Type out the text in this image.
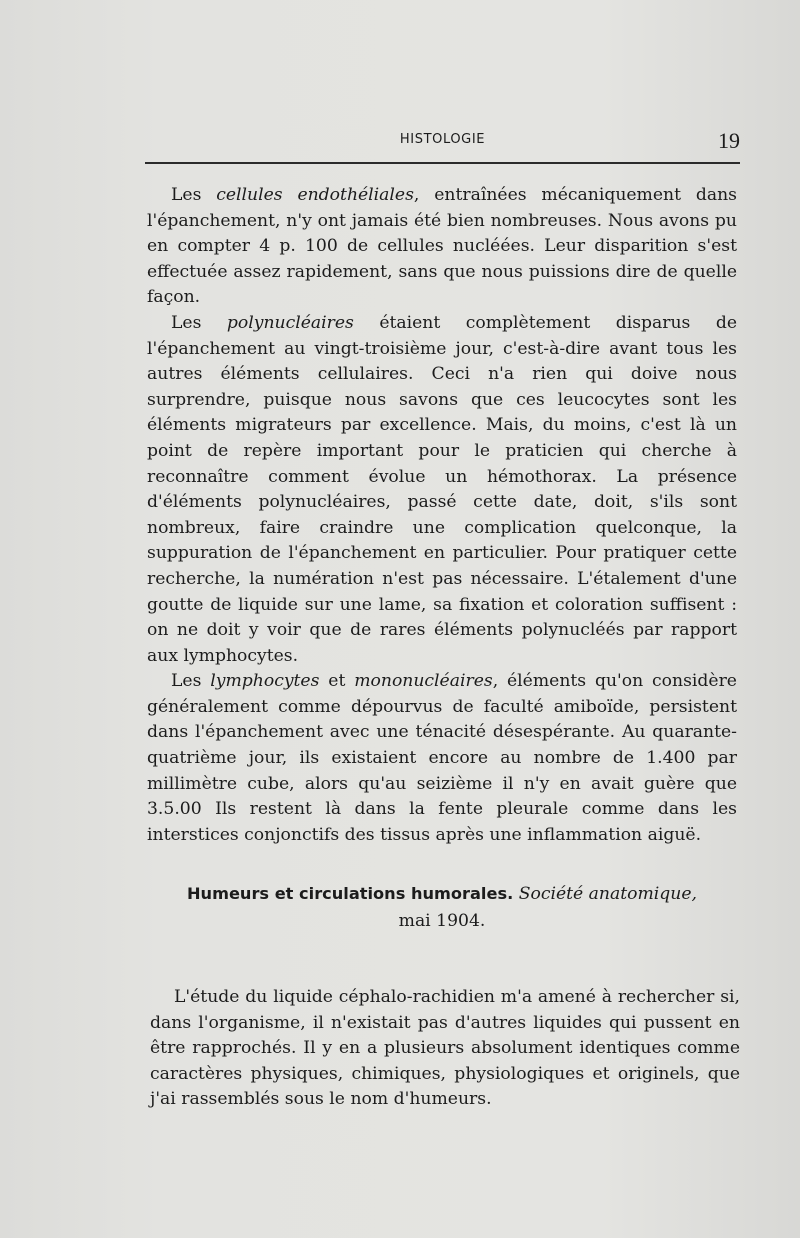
HISTOLOGIE	19

Les cellules endothéliales, entraînées mécaniquement dans l'épanchement, n'y ont jamais été bien nombreuses. Nous avons pu en compter 4 p. 100 de cellules nucléées. Leur disparition s'est effectuée assez rapidement, sans que nous puissions dire de quelle façon.

Les polynucléaires étaient complètement disparus de l'épanchement au vingt-troisième jour, c'est-à-dire avant tous les autres éléments cellulaires. Ceci n'a rien qui doive nous surprendre, puisque nous savons que ces leucocytes sont les éléments migrateurs par excellence. Mais, du moins, c'est là un point de repère important pour le praticien qui cherche à reconnaître comment évolue un hémothorax. La présence d'éléments polynucléaires, passé cette date, doit, s'ils sont nombreux, faire craindre une complication quelconque, la suppuration de l'épanchement en particulier. Pour pratiquer cette recherche, la numération n'est pas nécessaire. L'étalement d'une goutte de liquide sur une lame, sa fixation et coloration suffisent : on ne doit y voir que de rares éléments polynucléés par rapport aux lymphocytes.

Les lymphocytes et mononucléaires, éléments qu'on considère généralement comme dépourvus de faculté amiboïde, persistent dans l'épanchement avec une ténacité désespérante. Au quarante-quatrième jour, ils existaient encore au nombre de 1.400 par millimètre cube, alors qu'au seizième il n'y en avait guère que 3.5.00 Ils restent là dans la fente pleurale comme dans les interstices conjonctifs des tissus après une inflammation aiguë.

Humeurs et circulations humorales. Société anatomique,
mai 1904.

L'étude du liquide céphalo-rachidien m'a amené à rechercher si, dans l'organisme, il n'existait pas d'autres liquides qui pussent en être rapprochés. Il y en a plusieurs absolument identiques comme caractères physiques, chimiques, physiologiques et originels, que j'ai rassemblés sous le nom d'humeurs.
